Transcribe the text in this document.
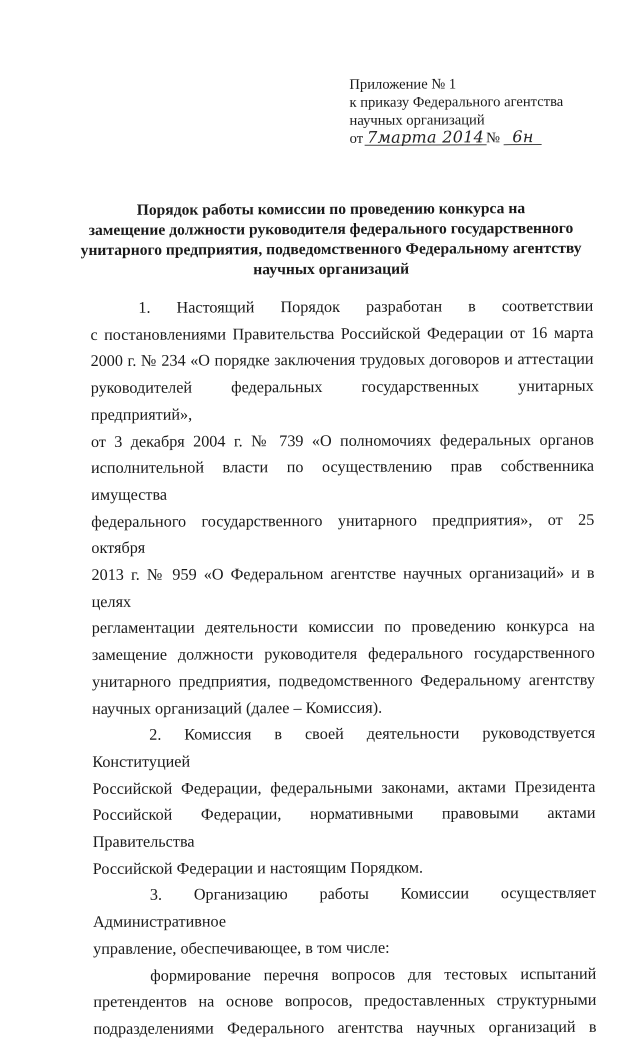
Приложение № 1
к приказу Федерального агентства
научных организаций
от 7марта 2014 № 6н
Порядок работы комиссии по проведению конкурса на
замещение должности руководителя федерального государственного
унитарного предприятия, подведомственного Федеральному агентству
научных организаций
1. Настоящий Порядок разработан в соответствии

с постановлениями Правительства Российской Федерации от 16 марта

2000 г. № 234 «О порядке заключения трудовых договоров и аттестации

руководителей федеральных государственных унитарных предприятий»,

от 3 декабря 2004 г. № 739 «О полномочиях федеральных органов

исполнительной власти по осуществлению прав собственника имущества

федерального государственного унитарного предприятия», от 25 октября

2013 г. № 959 «О Федеральном агентстве научных организаций» и в целях

регламентации деятельности комиссии по проведению конкурса на

замещение должности руководителя федерального государственного

унитарного предприятия, подведомственного Федеральному агентству

научных организаций (далее – Комиссия).

2. Комиссия в своей деятельности руководствуется Конституцией

Российской Федерации, федеральными законами, актами Президента

Российской Федерации, нормативными правовыми актами Правительства

Российской Федерации и настоящим Порядком.

3. Организацию работы Комиссии осуществляет Административное

управление, обеспечивающее, в том числе:

формирование перечня вопросов для тестовых испытаний

претендентов на основе вопросов, предоставленных структурными

подразделениями Федерального агентства научных организаций в
